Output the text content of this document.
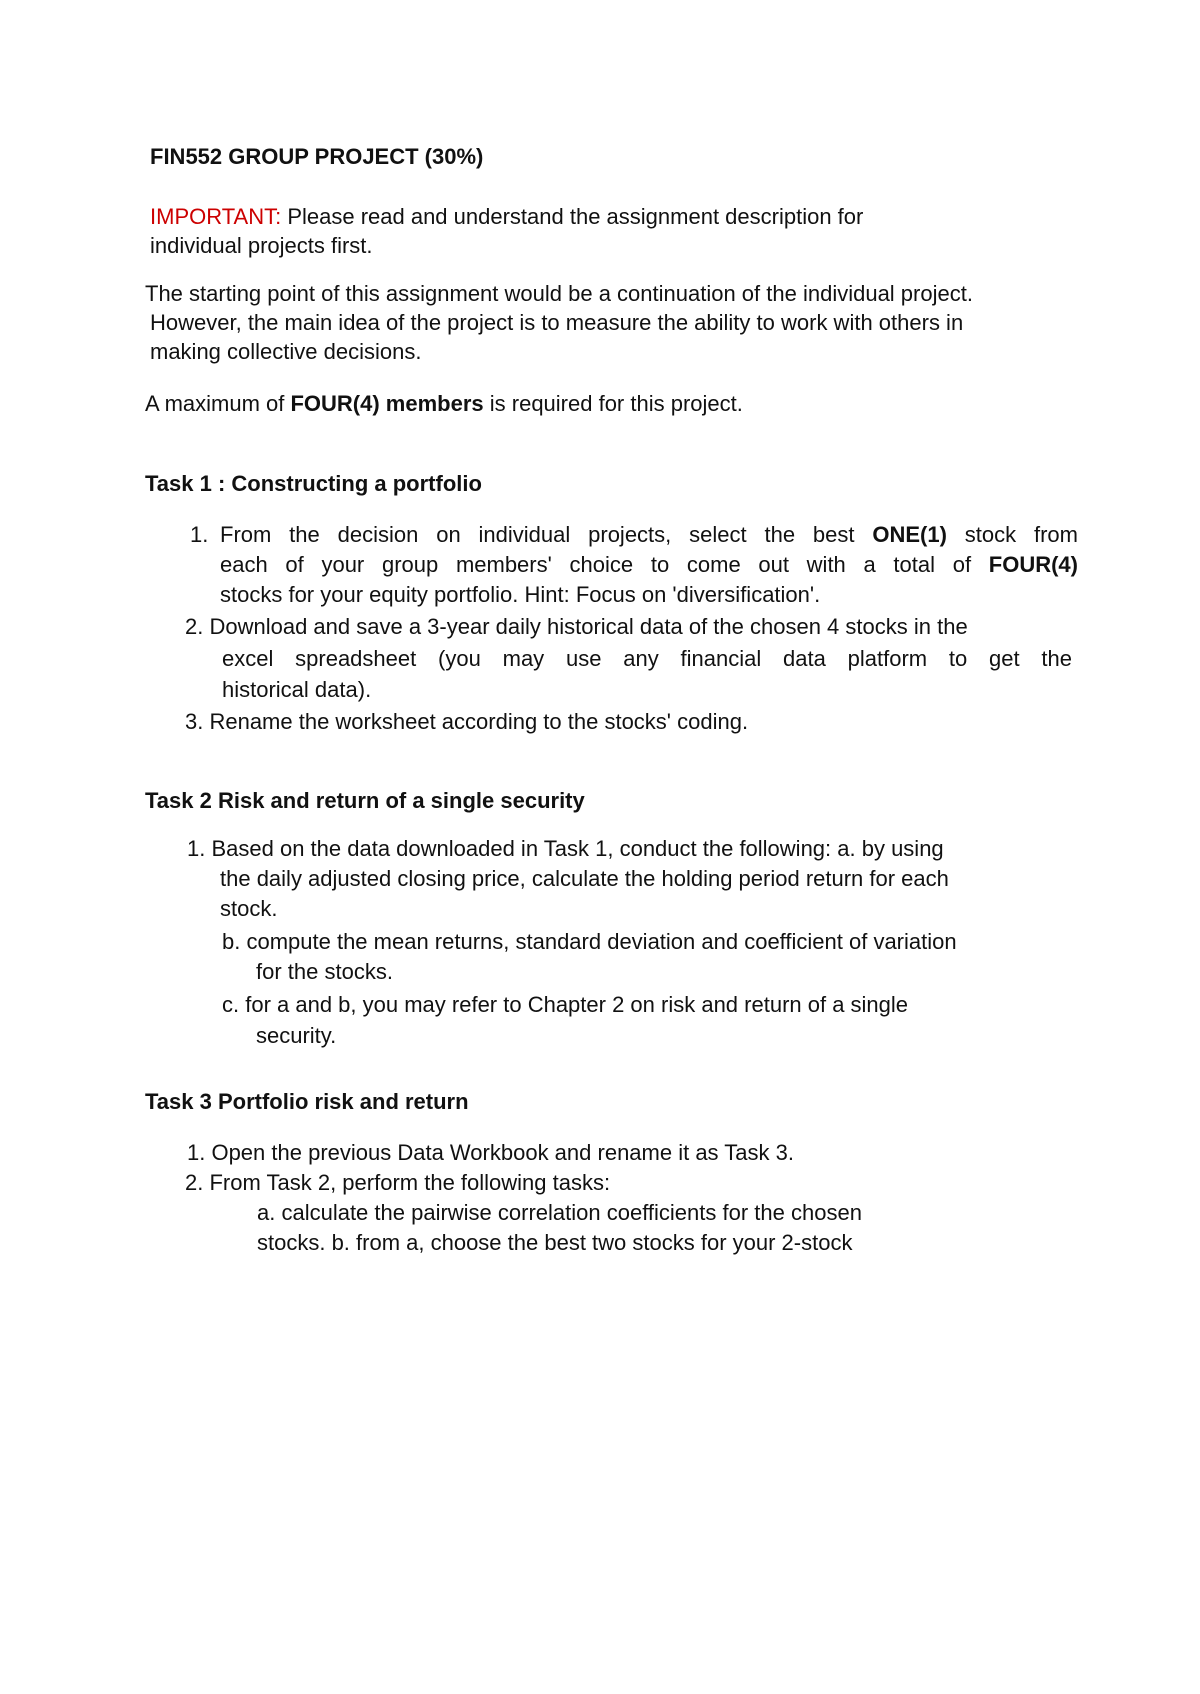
FIN552 GROUP PROJECT (30%)
IMPORTANT: Please read and understand the assignment description for
individual projects first.
The starting point of this assignment would be a continuation of the individual project.
However, the main idea of the project is to measure the ability to work with others in
making collective decisions.
A maximum of FOUR(4) members is required for this project.
Task 1 : Constructing a portfolio
1. From the decision on individual projects, select the best ONE(1) stock from
each of your group members' choice to come out with a total of FOUR(4)
stocks for your equity portfolio. Hint: Focus on 'diversification'.
2. Download and save a 3-year daily historical data of the chosen 4 stocks in the
excel spreadsheet (you may use any financial data platform to get the
historical data).
3. Rename the worksheet according to the stocks' coding.
Task 2 Risk and return of a single security
1. Based on the data downloaded in Task 1, conduct the following: a. by using
the daily adjusted closing price, calculate the holding period return for each
stock.
b. compute the mean returns, standard deviation and coefficient of variation
for the stocks.
c. for a and b, you may refer to Chapter 2 on risk and return of a single
security.
Task 3 Portfolio risk and return
1. Open the previous Data Workbook and rename it as Task 3.
2. From Task 2, perform the following tasks:
a. calculate the pairwise correlation coefficients for the chosen
stocks. b. from a, choose the best two stocks for your 2-stock
